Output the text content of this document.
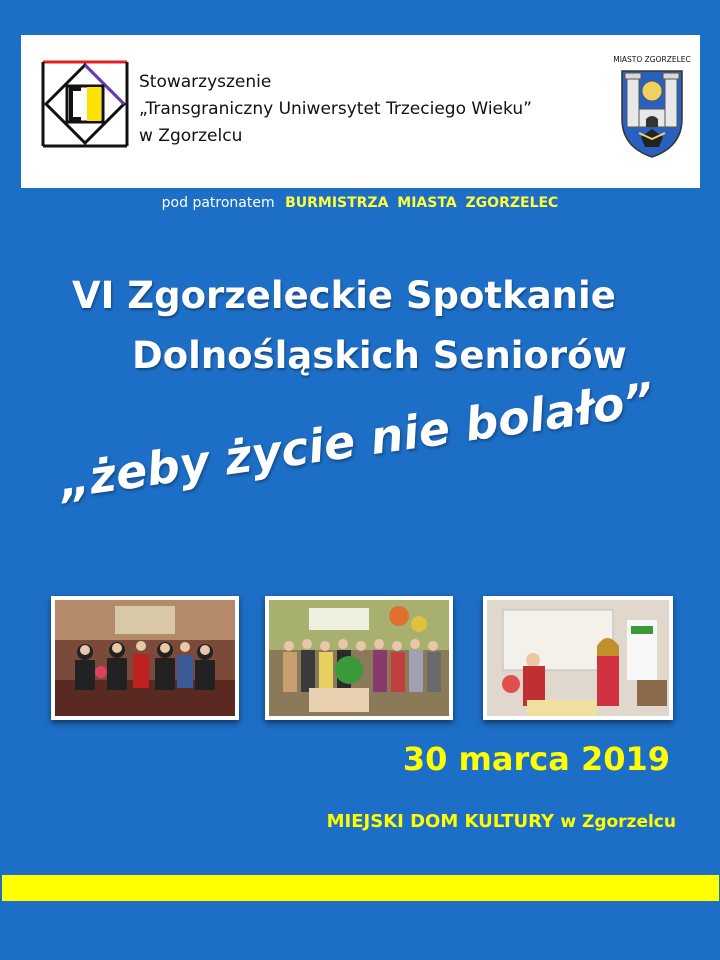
Stowarzyszenie
„Transgraniczny Uniwersytet Trzeciego Wieku”
w Zgorzelcu
MIASTO ZGORZELEC
pod patronatem BURMISTRZA MIASTA ZGORZELEC
VI Zgorzeleckie Spotkanie
Dolnośląskich Seniorów
„żeby życie nie bolało”
30 marca 2019
MIEJSKI DOM KULTURY w Zgorzelcu
